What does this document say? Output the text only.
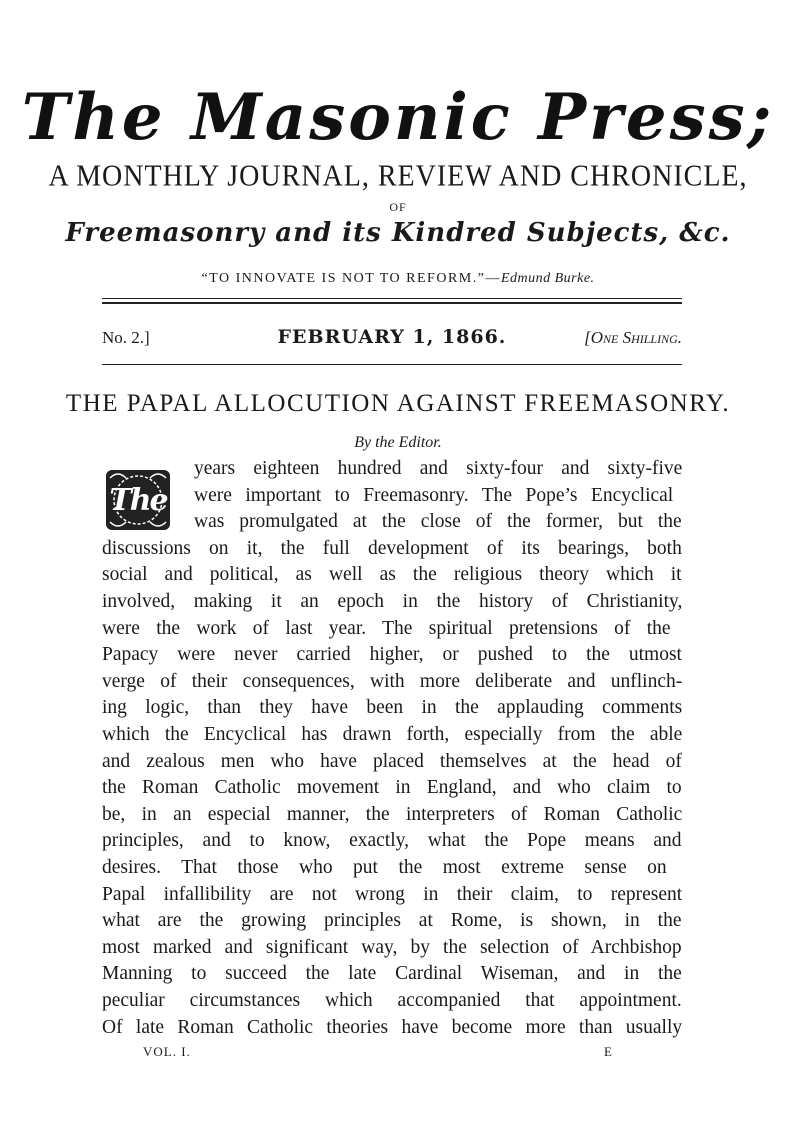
The Masonic Press;
A MONTHLY JOURNAL, REVIEW AND CHRONICLE,
OF
Freemasonry and its Kindred Subjects, &c.
“TO INNOVATE IS NOT TO REFORM.”—Edmund Burke.
No. 2.]	FEBRUARY 1, 1866.	[One Shilling.
THE PAPAL ALLOCUTION AGAINST FREEMASONRY.
By the Editor.
The
years eighteen hundred and sixty-four and sixty-five
were important to Freemasonry. The Pope’s Encyclical
was promulgated at the close of the former, but the
discussions on it, the full development of its bearings, both
social and political, as well as the religious theory which it
involved, making it an epoch in the history of Christianity,
were the work of last year. The spiritual pretensions of the
Papacy were never carried higher, or pushed to the utmost
verge of their consequences, with more deliberate and unflinch-
ing logic, than they have been in the applauding comments
which the Encyclical has drawn forth, especially from the able
and zealous men who have placed themselves at the head of
the Roman Catholic movement in England, and who claim to
be, in an especial manner, the interpreters of Roman Catholic
principles, and to know, exactly, what the Pope means and
desires. That those who put the most extreme sense on
Papal infallibility are not wrong in their claim, to represent
what are the growing principles at Rome, is shown, in the
most marked and significant way, by the selection of Archbishop
Manning to succeed the late Cardinal Wiseman, and in the
peculiar circumstances which accompanied that appointment.
Of late Roman Catholic theories have become more than usually
VOL. I.	E
